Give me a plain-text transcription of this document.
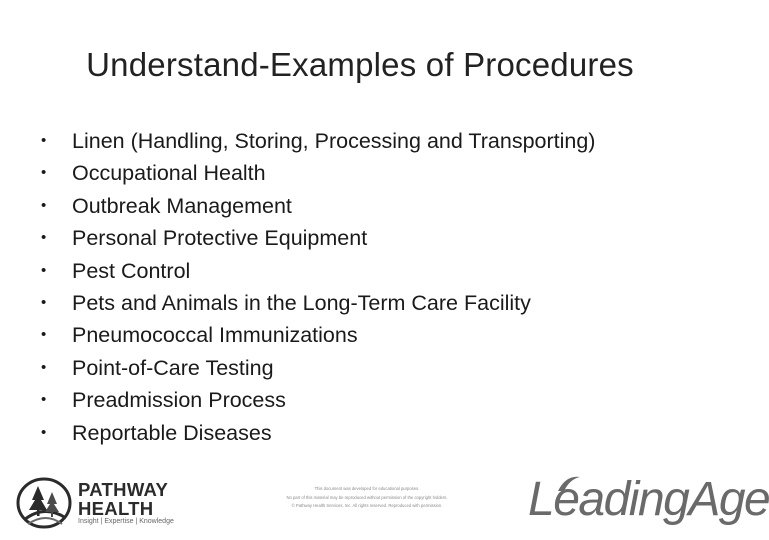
Understand-Examples of Procedures
• Linen (Handling, Storing, Processing and Transporting)
• Occupational Health
• Outbreak Management
• Personal Protective Equipment
• Pest Control
• Pets and Animals in the Long-Term Care Facility
• Pneumococcal Immunizations
• Point-of-Care Testing
• Preadmission Process
• Reportable Diseases
PATHWAY
HEALTH
Insight | Expertise | Knowledge
This document was developed for educational purposes.
No part of this material may be reproduced without permission of the copyright holders.
© Pathway Health Services, Inc. All rights reserved. Reproduced with permission.	LeadingAge
